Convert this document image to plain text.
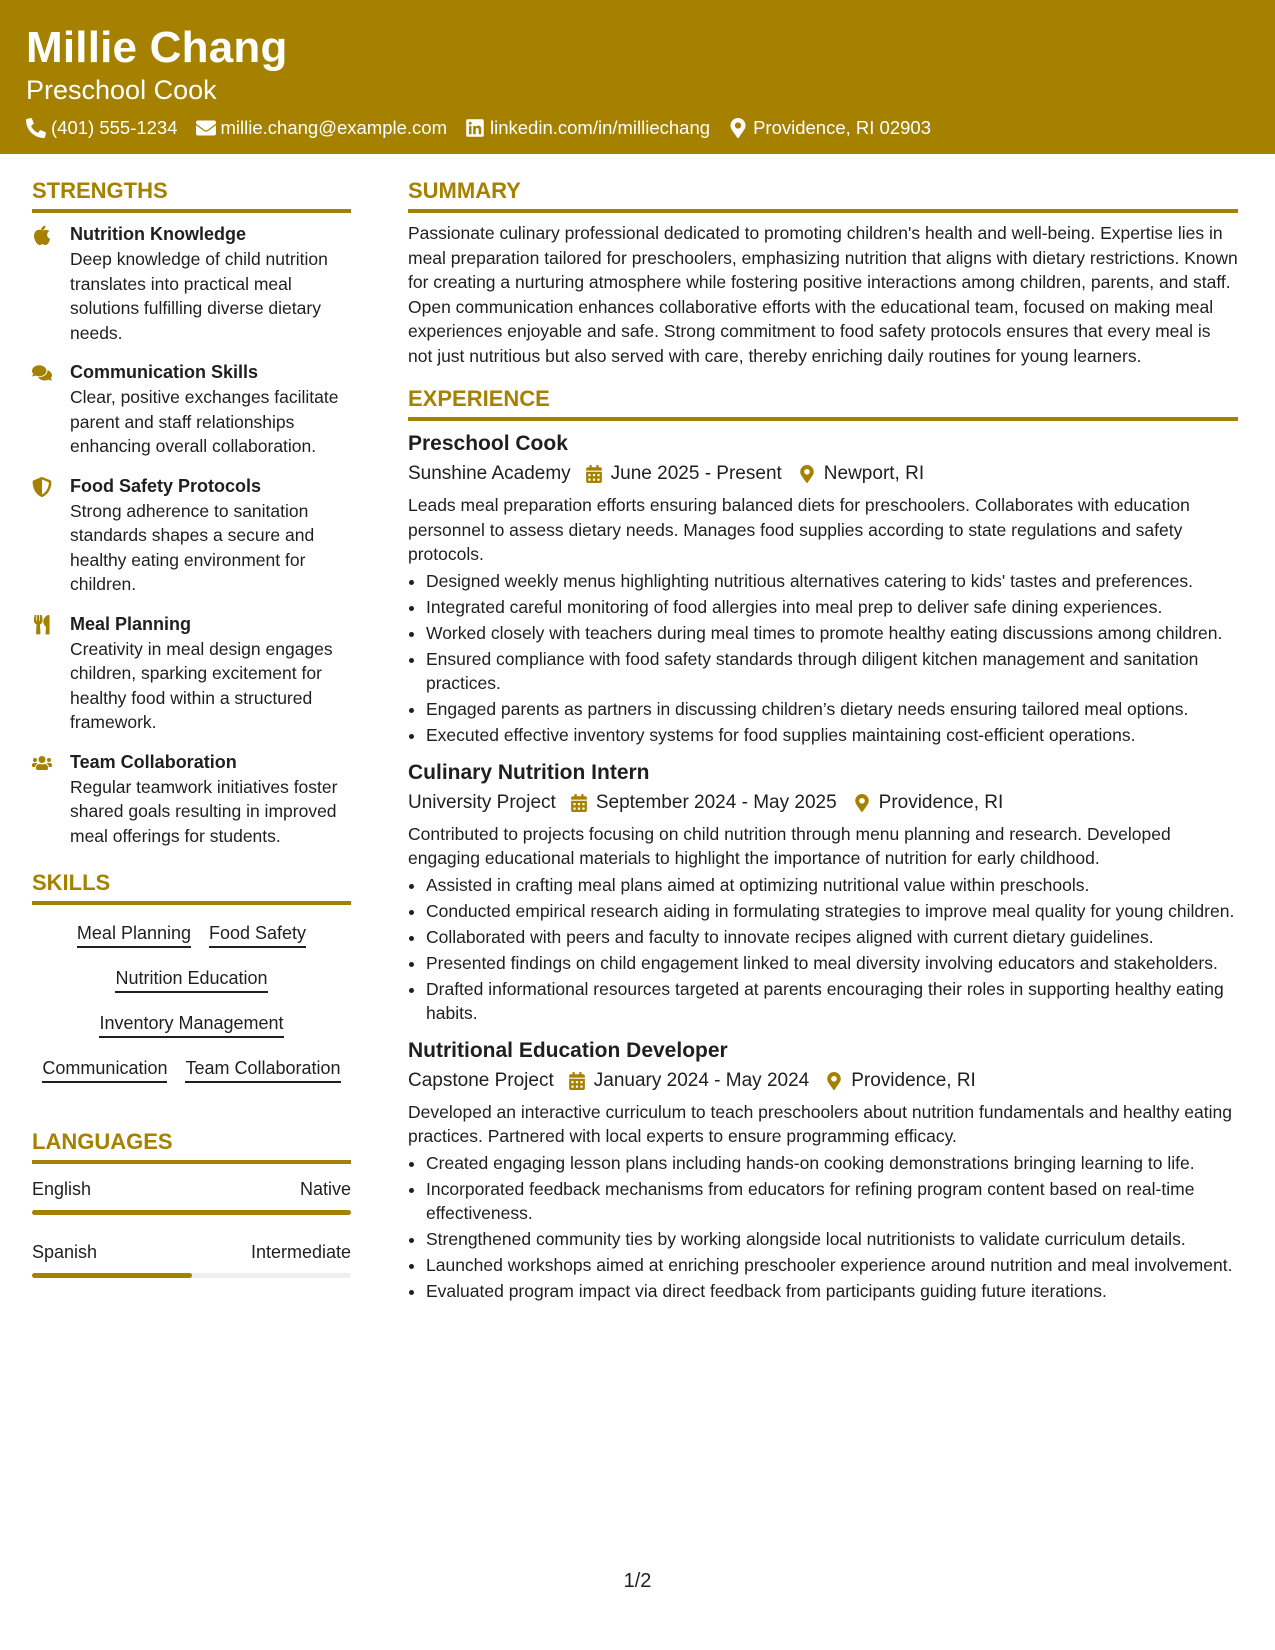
Millie Chang
Preschool Cook
(401) 555-1234 millie.chang@example.com linkedin.com/in/milliechang Providence, RI 02903
STRENGTHS
Nutrition Knowledge
Deep knowledge of child nutrition translates into practical meal solutions fulfilling diverse dietary needs.
Communication Skills
Clear, positive exchanges facilitate parent and staff relationships enhancing overall collaboration.
Food Safety Protocols
Strong adherence to sanitation standards shapes a secure and healthy eating environment for children.
Meal Planning
Creativity in meal design engages children, sparking excitement for healthy food within a structured framework.
Team Collaboration
Regular teamwork initiatives foster shared goals resulting in improved meal offerings for students.
SKILLS
Meal Planning Food Safety
Nutrition Education
Inventory Management
Communication Team Collaboration
LANGUAGES
English	Native
Spanish	Intermediate
SUMMARY
Passionate culinary professional dedicated to promoting children's health and well-being. Expertise lies in meal preparation tailored for preschoolers, emphasizing nutrition that aligns with dietary restrictions. Known for creating a nurturing atmosphere while fostering positive interactions among children, parents, and staff. Open communication enhances collaborative efforts with the educational team, focused on making meal experiences enjoyable and safe. Strong commitment to food safety protocols ensures that every meal is not just nutritious but also served with care, thereby enriching daily routines for young learners.
EXPERIENCE
Preschool Cook
Sunshine Academy June 2025 - Present Newport, RI
Leads meal preparation efforts ensuring balanced diets for preschoolers. Collaborates with education personnel to assess dietary needs. Manages food supplies according to state regulations and safety protocols.
• Designed weekly menus highlighting nutritious alternatives catering to kids' tastes and preferences.
• Integrated careful monitoring of food allergies into meal prep to deliver safe dining experiences.
• Worked closely with teachers during meal times to promote healthy eating discussions among children.
• Ensured compliance with food safety standards through diligent kitchen management and sanitation practices.
• Engaged parents as partners in discussing children’s dietary needs ensuring tailored meal options.
• Executed effective inventory systems for food supplies maintaining cost-efficient operations.
Culinary Nutrition Intern
University Project September 2024 - May 2025 Providence, RI
Contributed to projects focusing on child nutrition through menu planning and research. Developed engaging educational materials to highlight the importance of nutrition for early childhood.
• Assisted in crafting meal plans aimed at optimizing nutritional value within preschools.
• Conducted empirical research aiding in formulating strategies to improve meal quality for young children.
• Collaborated with peers and faculty to innovate recipes aligned with current dietary guidelines.
• Presented findings on child engagement linked to meal diversity involving educators and stakeholders.
• Drafted informational resources targeted at parents encouraging their roles in supporting healthy eating habits.
Nutritional Education Developer
Capstone Project January 2024 - May 2024 Providence, RI
Developed an interactive curriculum to teach preschoolers about nutrition fundamentals and healthy eating practices. Partnered with local experts to ensure programming efficacy.
• Created engaging lesson plans including hands-on cooking demonstrations bringing learning to life.
• Incorporated feedback mechanisms from educators for refining program content based on real-time effectiveness.
• Strengthened community ties by working alongside local nutritionists to validate curriculum details.
• Launched workshops aimed at enriching preschooler experience around nutrition and meal involvement.
• Evaluated program impact via direct feedback from participants guiding future iterations.
1/2
